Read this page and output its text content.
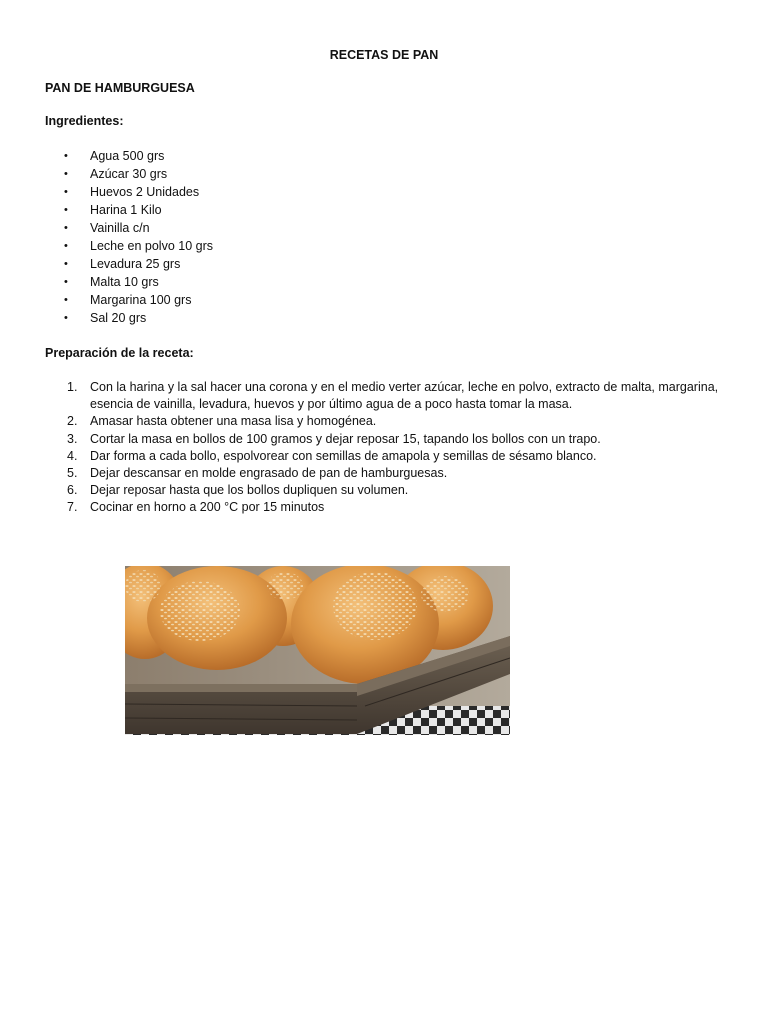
RECETAS DE PAN
PAN DE HAMBURGUESA
Ingredientes:
• Agua 500 grs
• Azúcar 30 grs
• Huevos 2 Unidades
• Harina 1 Kilo
• Vainilla c/n
• Leche en polvo 10 grs
• Levadura 25 grs
• Malta 10 grs
• Margarina 100 grs
• Sal 20 grs
Preparación de la receta:
1. Con la harina y la sal hacer una corona y en el medio verter azúcar, leche en polvo, extracto de malta, margarina, esencia de vainilla, levadura, huevos y por último agua de a poco hasta tomar la masa.
2. Amasar hasta obtener una masa lisa y homogénea.
3. Cortar la masa en bollos de 100 gramos y dejar reposar 15, tapando los bollos con un trapo.
4. Dar forma a cada bollo, espolvorear con semillas de amapola y semillas de sésamo blanco.
5. Dejar descansar en molde engrasado de pan de hamburguesas.
6. Dejar reposar hasta que los bollos dupliquen su volumen.
7. Cocinar en horno a 200 °C por 15 minutos
